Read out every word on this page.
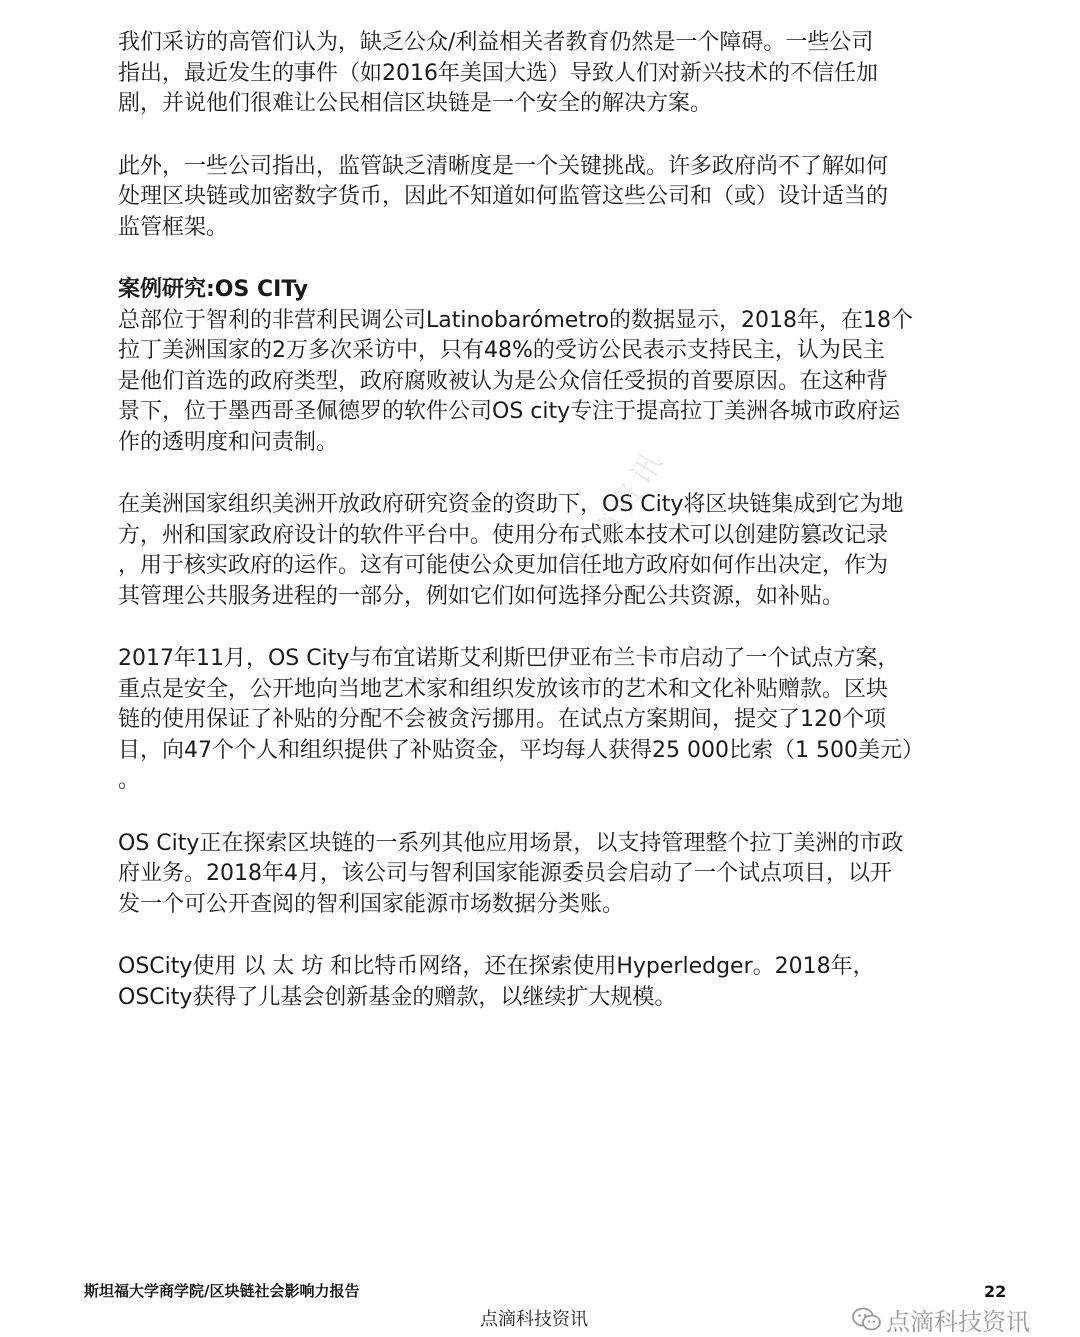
我们采访的高管们认为，缺乏公众/利益相关者教育仍然是一个障碍。一些公司
指出，最近发生的事件（如2016年美国大选）导致人们对新兴技术的不信任加
剧，并说他们很难让公民相信区块链是一个安全的解决方案。
此外，一些公司指出，监管缺乏清晰度是一个关键挑战。许多政府尚不了解如何
处理区块链或加密数字货币，因此不知道如何监管这些公司和（或）设计适当的
监管框架。
案例研究:OS CITy
总部位于智利的非营利民调公司Latinobarómetro的数据显示，2018年，在18个
拉丁美洲国家的2万多次采访中，只有48%的受访公民表示支持民主，认为民主
是他们首选的政府类型，政府腐败被认为是公众信任受损的首要原因。在这种背
景下，位于墨西哥圣佩德罗的软件公司OS city专注于提高拉丁美洲各城市政府运
作的透明度和问责制。
在美洲国家组织美洲开放政府研究资金的资助下，OS City将区块链集成到它为地
方，州和国家政府设计的软件平台中。使用分布式账本技术可以创建防篡改记录
，用于核实政府的运作。这有可能使公众更加信任地方政府如何作出决定，作为
其管理公共服务进程的一部分，例如它们如何选择分配公共资源，如补贴。
2017年11月，OS City与布宜诺斯艾利斯巴伊亚布兰卡市启动了一个试点方案，
重点是安全，公开地向当地艺术家和组织发放该市的艺术和文化补贴赠款。区块
链的使用保证了补贴的分配不会被贪污挪用。在试点方案期间，提交了120个项
目，向47个个人和组织提供了补贴资金，平均每人获得25 000比索（1 500美元）
。
OS City正在探索区块链的一系列其他应用场景，以支持管理整个拉丁美洲的市政
府业务。2018年4月，该公司与智利国家能源委员会启动了一个试点项目，以开
发一个可公开查阅的智利国家能源市场数据分类账。
OSCity使用 以 太 坊 和比特币网络，还在探索使用Hyperledger。2018年，
OSCity获得了儿基会创新基金的赠款，以继续扩大规模。
点滴资讯
斯坦福大学商学院/区块链社会影响力报告	22
点滴科技资讯	点滴科技资讯
